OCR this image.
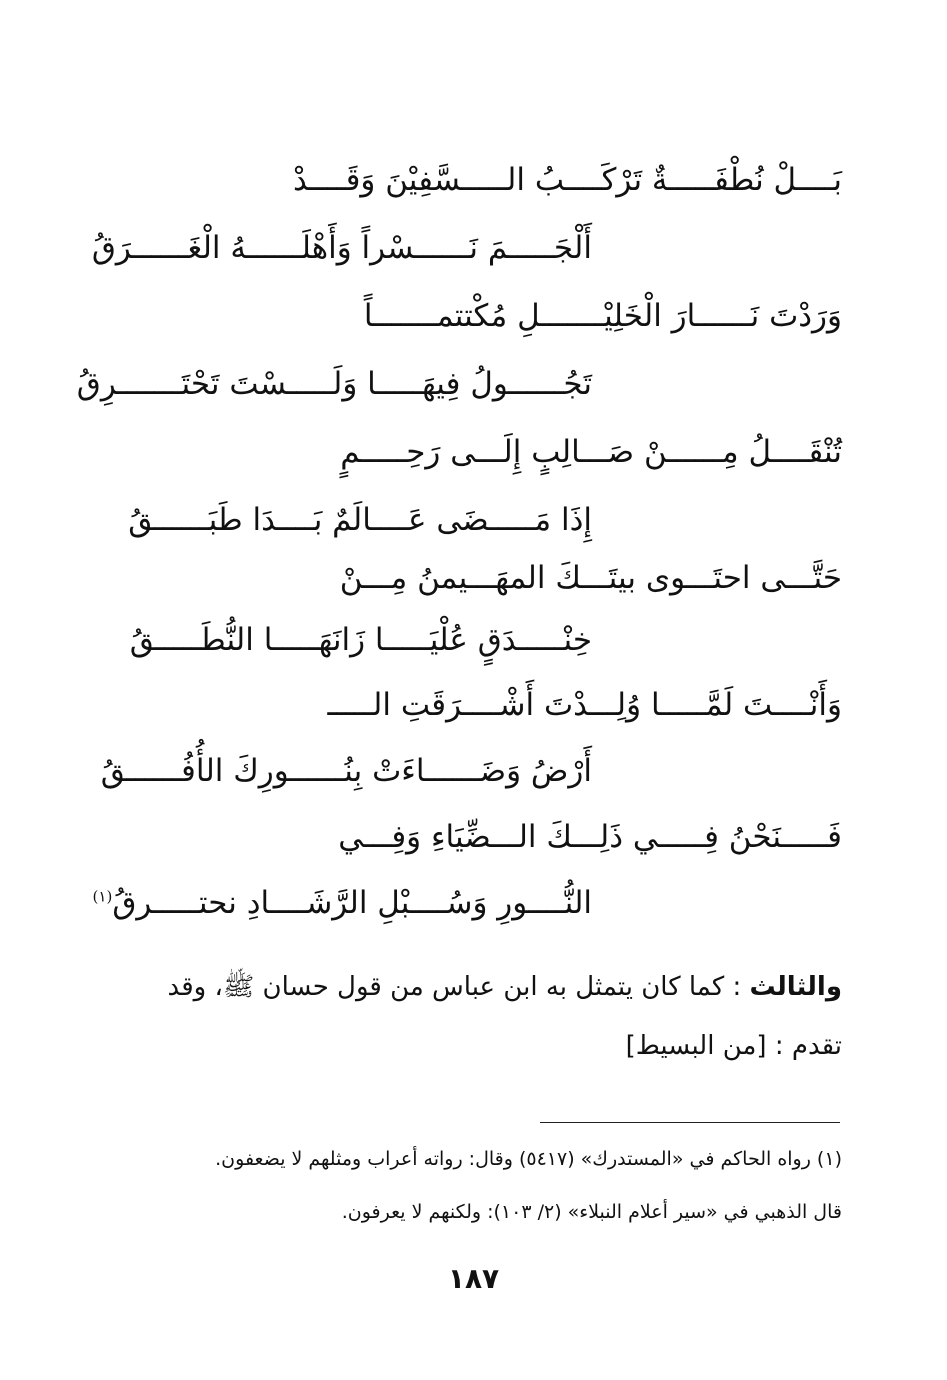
بَــــلْ نُطْفَـــــةٌ تَرْكَــــبُ الـــــسَّفِيْنَ وَقَــــدْ
أَلْجَـــــمَ نَــــــسْراً وَأَهْلَــــــهُ الْغَــــــرَقُ
وَرَدْتَ نَــــــارَ الْخَلِيْـــــــلِ مُكْتتمـــــــاً
تَجُــــــولُ فِيهَـــــا وَلَـــــسْتَ تَحْتَـــــــرِقُ
تُنْقَــــلُ مِــــــنْ صَـــالِبٍ إِلَـــى رَحِـــــمٍ
إِذَا مَـــــضَى عَــــالَمٌ بَــــدَا طَبَــــــقُ
حَتَّـــى احتَـــوى بيتَـــكَ المهَـــيمنُ مِـــنْ
خِنْـــــدَقٍ عُلْيَـــــا زَانَهَـــــا النُّطَـــــقُ
وَأَنْــــتَ لَمَّـــــا وُلِـــدْتَ أَشْــــرَقَتِ الـــــ
أَرْضُ وَضَــــــاءَتْ بِنُــــــورِكَ الأُفُــــــقُ
فَـــــنَحْنُ فِـــــي ذَلِـــكَ الـــضِّيَاءِ وَفِـــي
النُّــــورِ وَسُــــبْلِ الرَّشَــــادِ نحتـــــرقُ$^{(١)}$
والثالث : كما كان يتمثل به ابن عباس من قول حسان ﷺ، وقد
تقدم : [من البسيط]
(١) رواه الحاكم في «المستدرك» (٥٤١٧) وقال: رواته أعراب ومثلهم لا يضعفون.
قال الذهبي في «سير أعلام النبلاء» (٢/ ١٠٣): ولكنهم لا يعرفون.
١٨٧
